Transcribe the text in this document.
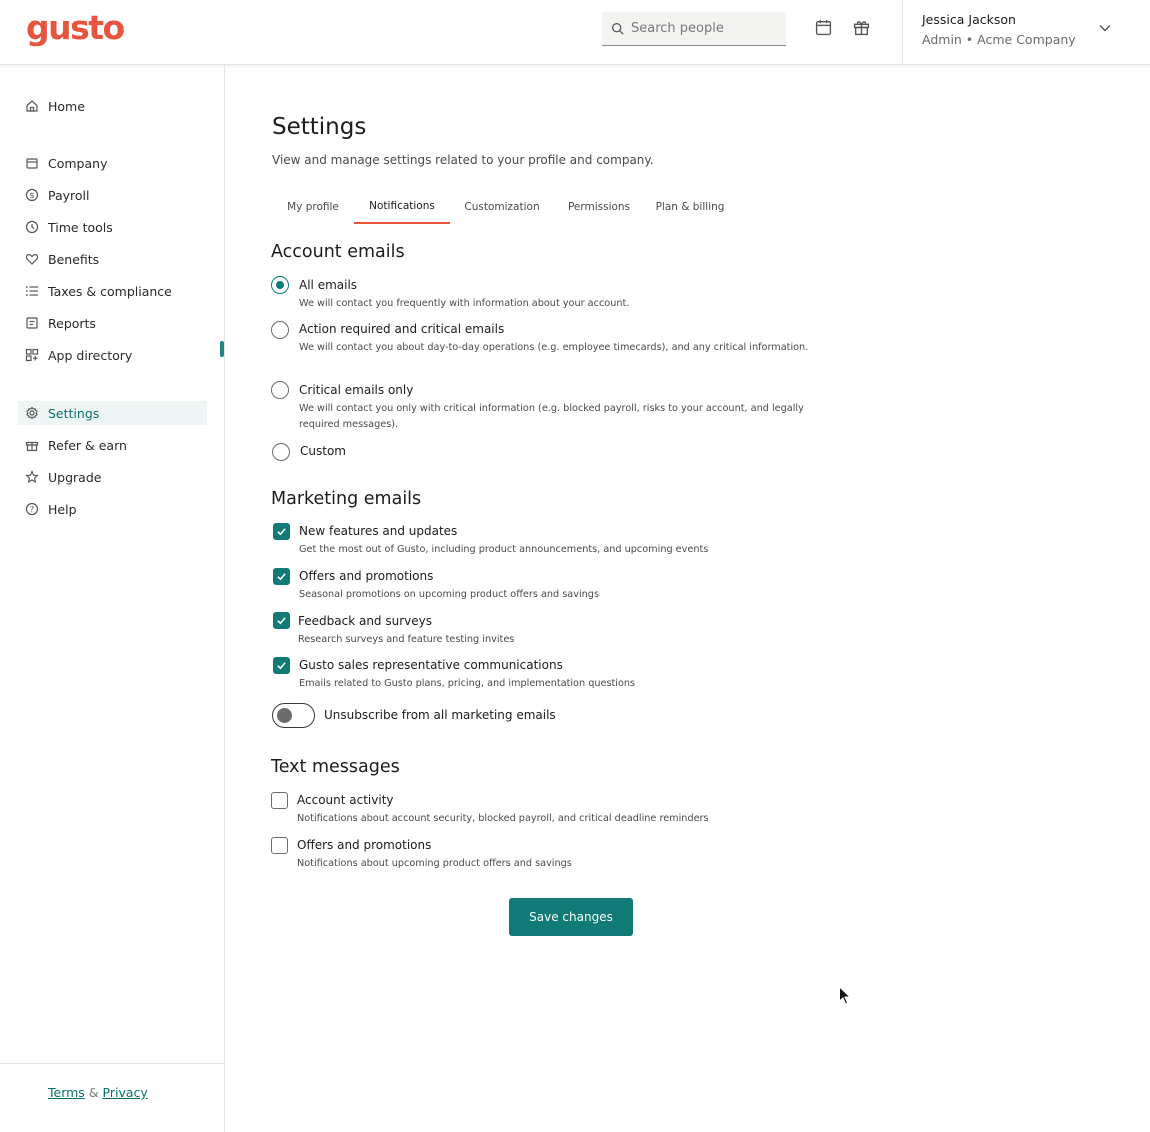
gusto
Search people	Jessica Jackson
Admin • Acme Company
Home
Company
$ Payroll
Time tools
Benefits
Taxes & compliance
Reports
App directory
Settings
Refer & earn
Upgrade
? Help
Terms & Privacy
Settings
View and manage settings related to your profile and company.
My profile	Notifications	Customization	Permissions	Plan & billing
Account emails
All emails
We will contact you frequently with information about your account.
Action required and critical emails
We will contact you about day-to-day operations (e.g. employee timecards), and any critical information.
Critical emails only
We will contact you only with critical information (e.g. blocked payroll, risks to your account, and legally required messages).
Custom
Marketing emails
New features and updates
Get the most out of Gusto, including product announcements, and upcoming events
Offers and promotions
Seasonal promotions on upcoming product offers and savings
Feedback and surveys
Research surveys and feature testing invites
Gusto sales representative communications
Emails related to Gusto plans, pricing, and implementation questions
Unsubscribe from all marketing emails
Text messages
Account activity
Notifications about account security, blocked payroll, and critical deadline reminders
Offers and promotions
Notifications about upcoming product offers and savings
Save changes
